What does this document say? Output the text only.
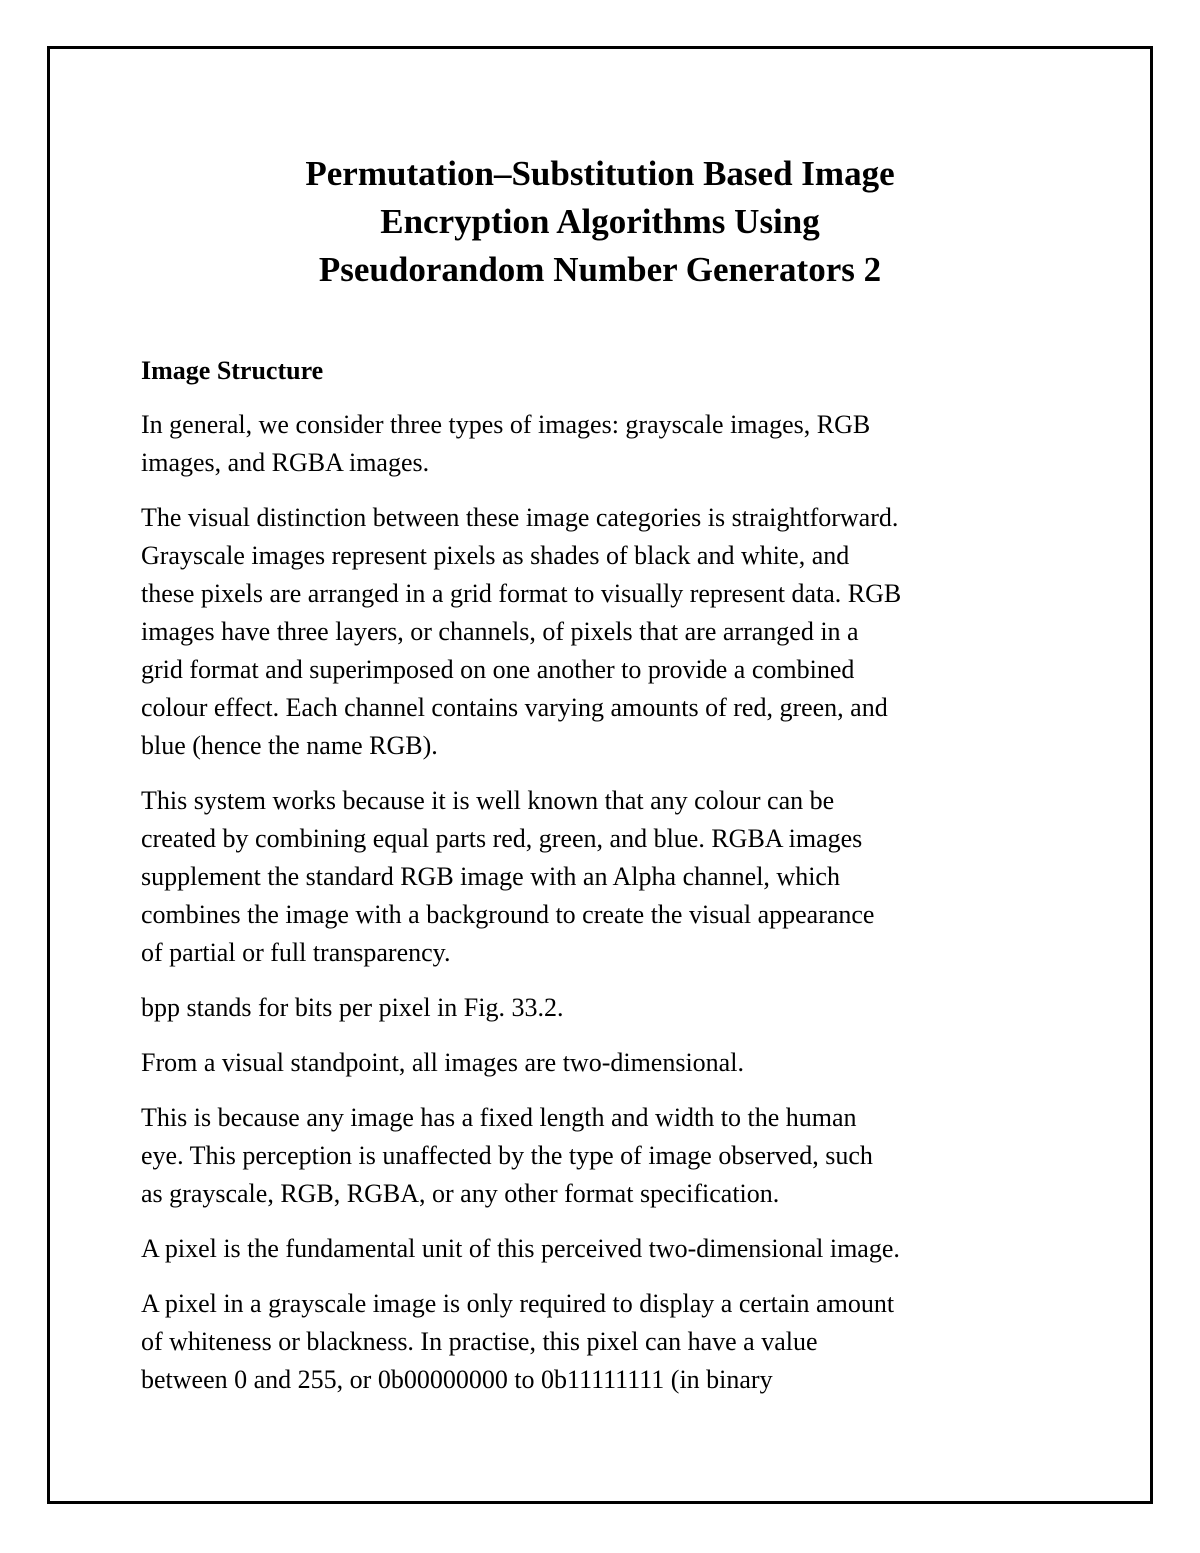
Permutation–Substitution Based Image
Encryption Algorithms Using
Pseudorandom Number Generators 2
Image Structure

In general, we consider three types of images: grayscale images, RGB
images, and RGBA images.

The visual distinction between these image categories is straightforward.
Grayscale images represent pixels as shades of black and white, and
these pixels are arranged in a grid format to visually represent data. RGB
images have three layers, or channels, of pixels that are arranged in a
grid format and superimposed on one another to provide a combined
colour effect. Each channel contains varying amounts of red, green, and
blue (hence the name RGB).

This system works because it is well known that any colour can be
created by combining equal parts red, green, and blue. RGBA images
supplement the standard RGB image with an Alpha channel, which
combines the image with a background to create the visual appearance
of partial or full transparency.

bpp stands for bits per pixel in Fig. 33.2.

From a visual standpoint, all images are two-dimensional.

This is because any image has a fixed length and width to the human
eye. This perception is unaffected by the type of image observed, such
as grayscale, RGB, RGBA, or any other format specification.

A pixel is the fundamental unit of this perceived two-dimensional image.

A pixel in a grayscale image is only required to display a certain amount
of whiteness or blackness. In practise, this pixel can have a value
between 0 and 255, or 0b00000000 to 0b11111111 (in binary
